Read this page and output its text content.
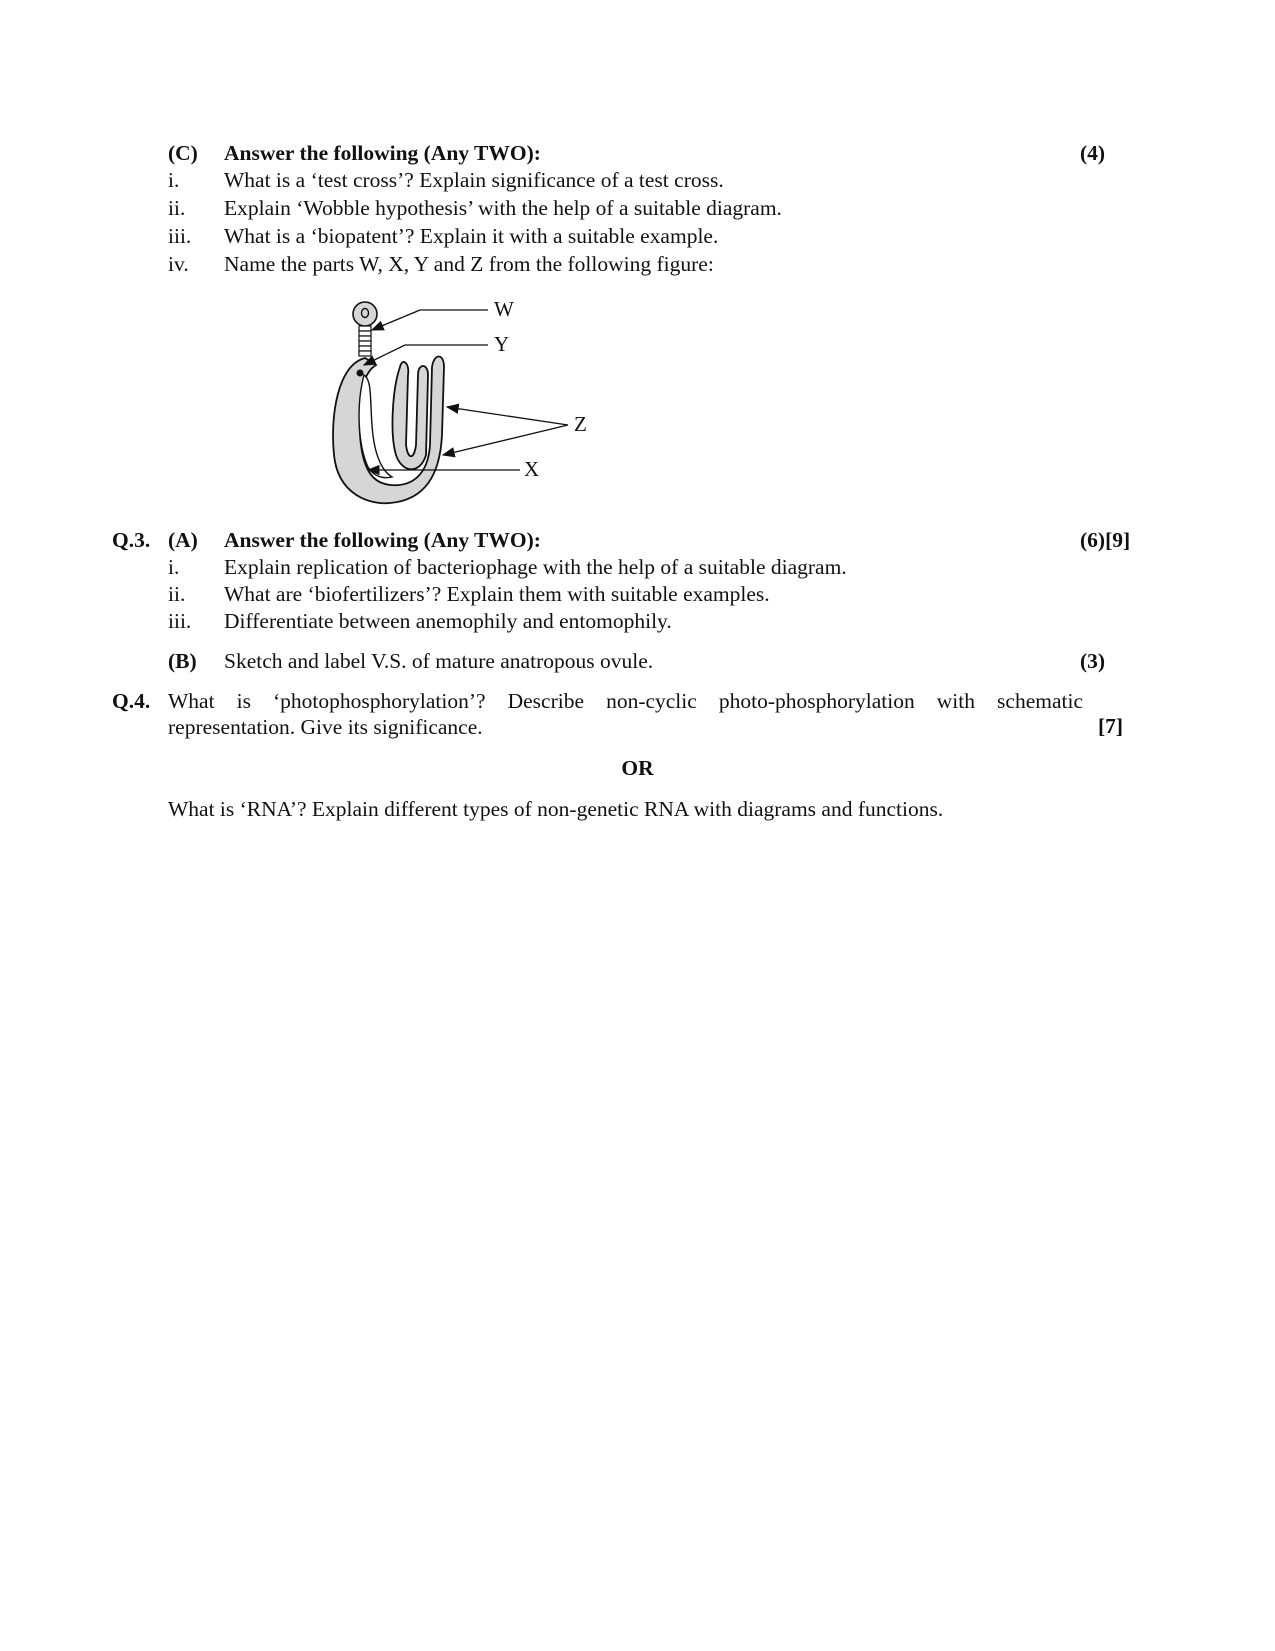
(C) Answer the following (Any TWO):	(4)
i. What is a ‘test cross’? Explain significance of a test cross.
ii. Explain ‘Wobble hypothesis’ with the help of a suitable diagram.
iii. What is a ‘biopatent’? Explain it with a suitable example.
iv. Name the parts W, X, Y and Z from the following figure:
W
Y
Z
X
Q.3. (A) Answer the following (Any TWO):	(6)[9]
i. Explain replication of bacteriophage with the help of a suitable diagram.
ii. What are ‘biofertilizers’? Explain them with suitable examples.
iii. Differentiate between anemophily and entomophily.
(B) Sketch and label V.S. of mature anatropous ovule.	(3)
Q.4. What is ‘photophosphorylation’? Describe non-cyclic photo-phosphorylation with schematic representation. Give its significance.	[7]
OR
What is ‘RNA’? Explain different types of non-genetic RNA with diagrams and functions.
